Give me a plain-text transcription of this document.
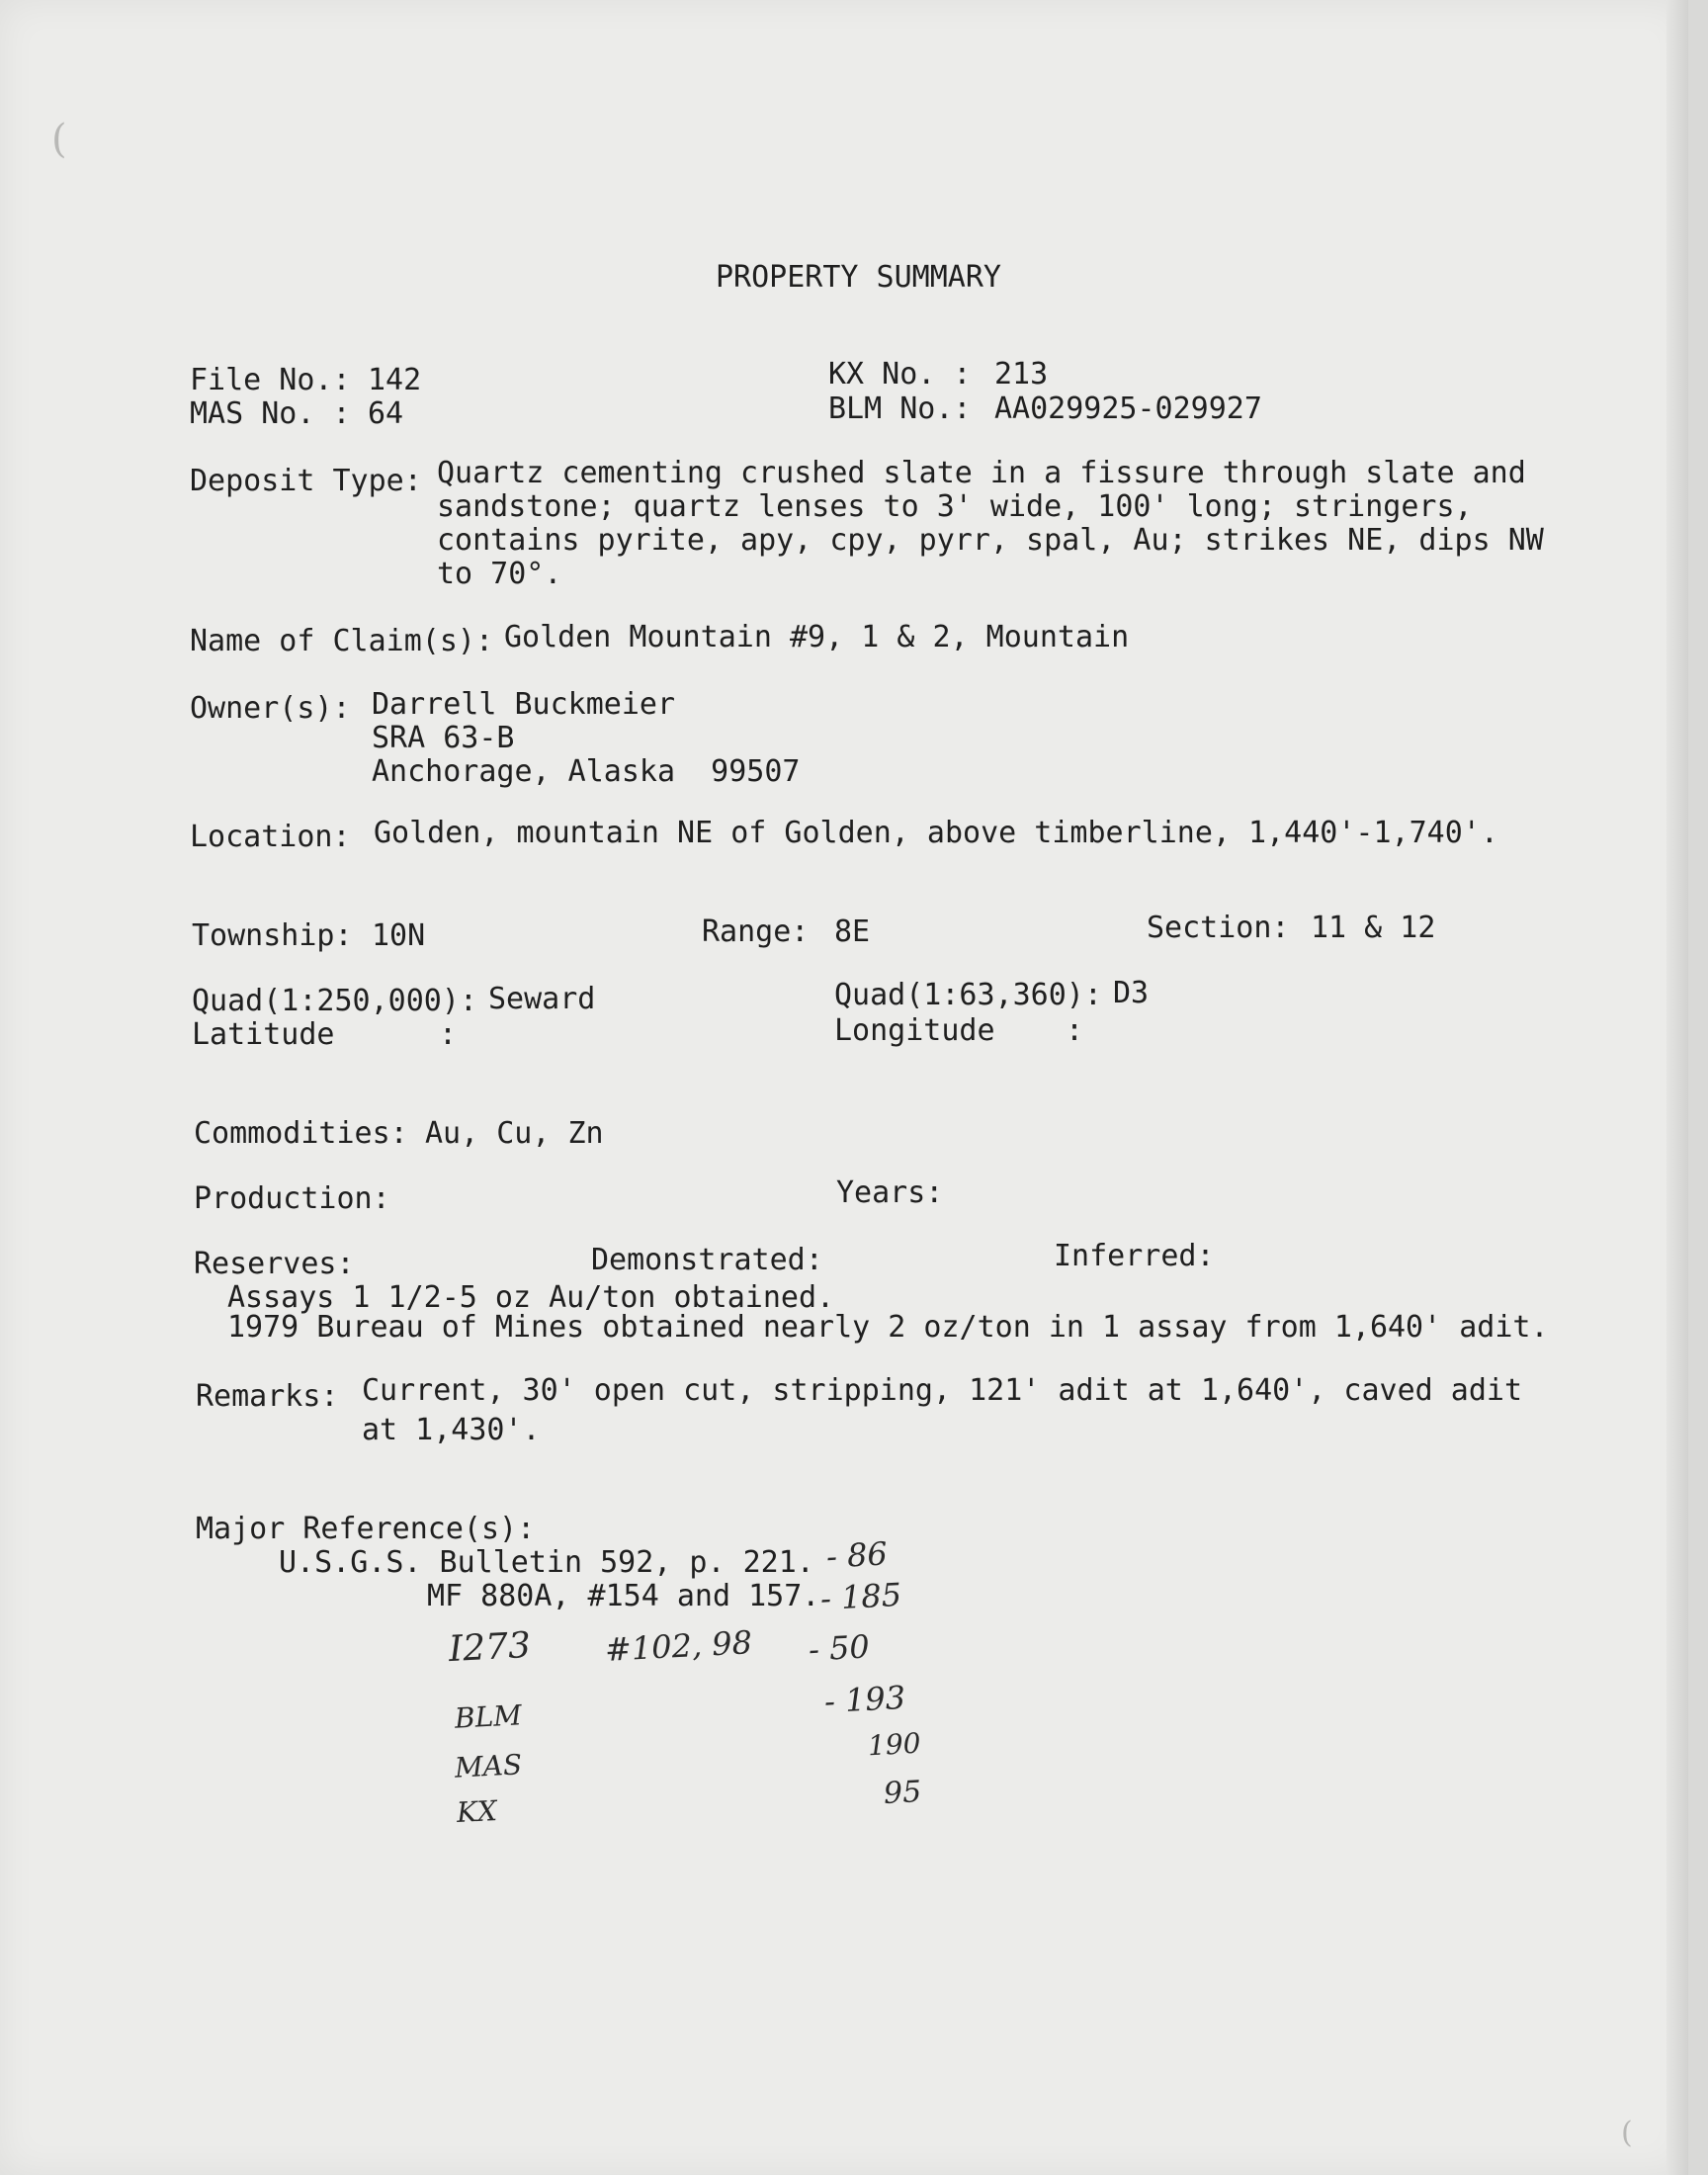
(
PROPERTY SUMMARY
File No.: 142
MAS No. : 64
KX No. : 213
BLM No.: AA029925-029927
Deposit Type: Quartz cementing crushed slate in a fissure through slate and
sandstone; quartz lenses to 3' wide, 100' long; stringers,
contains pyrite, apy, cpy, pyrr, spal, Au; strikes NE, dips NW
to 70°.
Name of Claim(s): Golden Mountain #9, 1 & 2, Mountain
Owner(s): Darrell Buckmeier
SRA 63-B
Anchorage, Alaska  99507
Location: Golden, mountain NE of Golden, above timberline, 1,440'-1,740'.
Township: 10N	Range: 8E	Section: 11 & 12
Quad(1:250,000): Seward
Latitude	:
Quad(1:63,360): D3
Longitude :
Commodities: Au, Cu, Zn
Production:	Years:
Reserves:	Demonstrated:	Inferred:
Assays 1 1/2-5 oz Au/ton obtained.
1979 Bureau of Mines obtained nearly 2 oz/ton in 1 assay from 1,640' adit.
Remarks: Current, 30' open cut, stripping, 121' adit at 1,640', caved adit
at 1,430'.
Major Reference(s):
U.S.G.S. Bulletin 592, p. 221.
MF 880A, #154 and 157.
- 86
- 185
I273 #102, 98 - 50
- 193
BLM
190
MAS
95
KX
(
